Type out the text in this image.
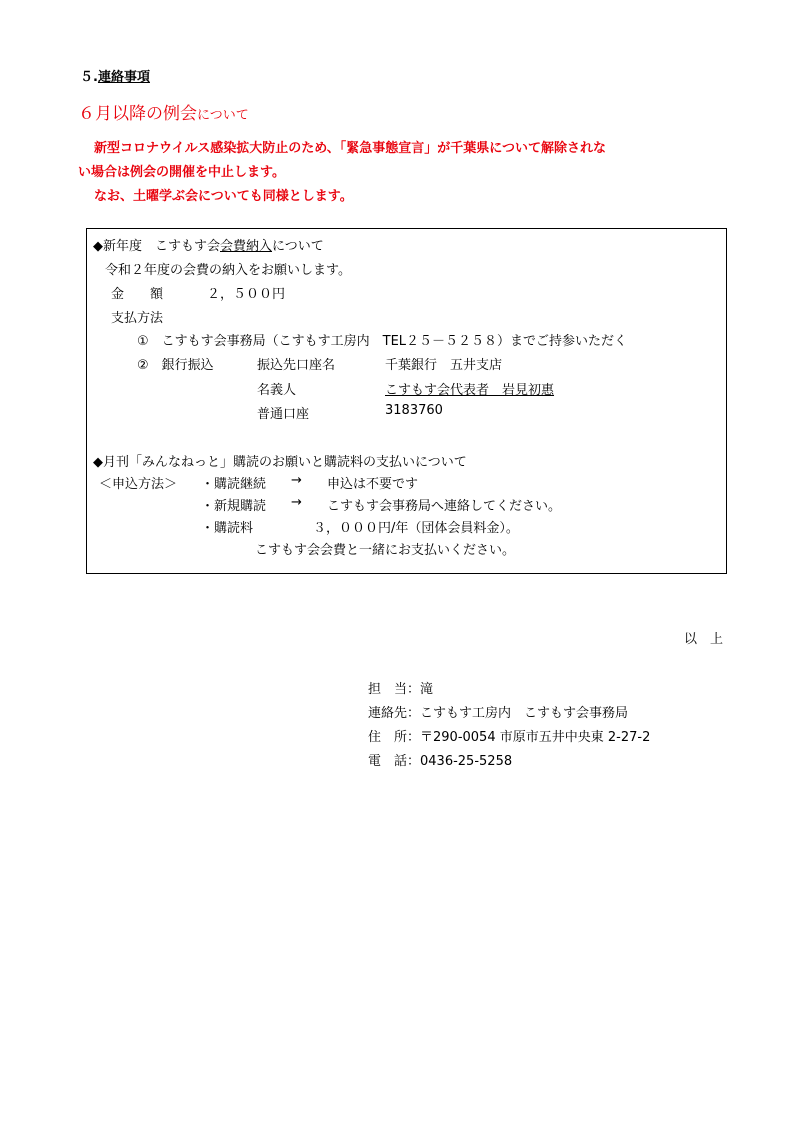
５.連絡事項
６月以降の例会について
新型コロナウイルス感染拡大防止のため、「緊急事態宣言」が千葉県について解除されな
い場合は例会の開催を中止します。
なお、土曜学ぶ会についても同様とします。
◆新年度　こすもす会会費納入について
令和２年度の会費の納入をお願いします。
金　　額	２，５００円
支払方法
①　こすもす会事務局（こすもす工房内　TEL２５－５２５８）までご持参いただく
②　銀行振込	振込先口座名	千葉銀行　五井支店
名義人	こすもす会代表者　岩見初惠
普通口座	3183760
◆月刊「みんなねっと」購読のお願いと購読料の支払いについて
＜申込方法＞ ・購読継続 → 申込は不要です
・新規購読 → こすもす会事務局へ連絡してください。
・購読料	３，０００円/年（団体会員料金）。
こすもす会会費と一緒にお支払いください。
以　上
担　当：滝
連絡先：こすもす工房内　こすもす会事務局
住　所：〒290-0054 市原市五井中央東 2-27-2
電　話：0436-25-5258
